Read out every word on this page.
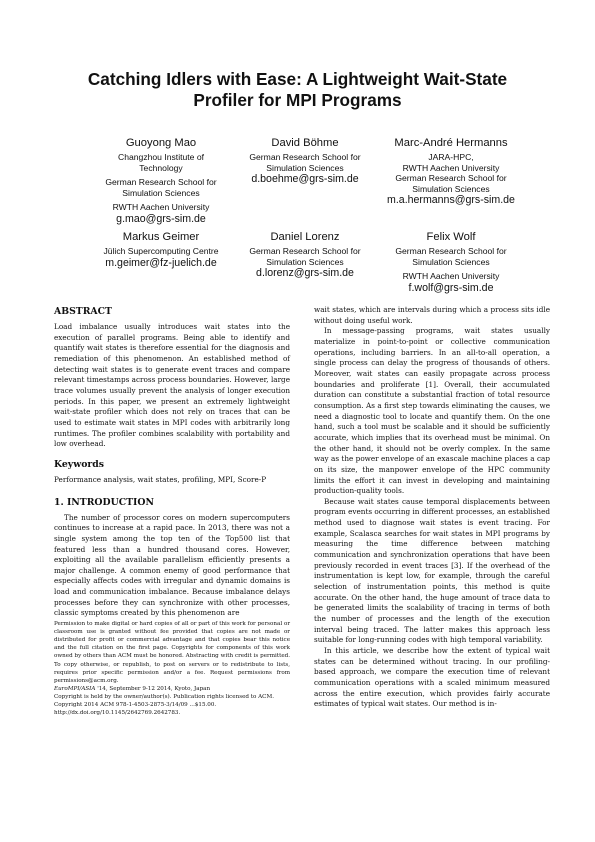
Catching Idlers with Ease: A Lightweight Wait-State
Profiler for MPI Programs
Guoyong Mao
Changzhou Institute of
Technology
German Research School for
Simulation Sciences
RWTH Aachen University
g.mao@grs-sim.de
David Böhme
German Research School for
Simulation Sciences
d.boehme@grs-sim.de
Marc-André Hermanns
JARA-HPC,
RWTH Aachen University
German Research School for
Simulation Sciences
m.a.hermanns@grs-sim.de
Markus Geimer
Jülich Supercomputing Centre
m.geimer@fz-juelich.de
Daniel Lorenz
German Research School for
Simulation Sciences
d.lorenz@grs-sim.de
Felix Wolf
German Research School for
Simulation Sciences
RWTH Aachen University
f.wolf@grs-sim.de
ABSTRACT

Load imbalance usually introduces wait states into the execution of parallel programs. Being able to identify and quantify wait states is therefore essential for the diagnosis and remediation of this phenomenon. An established method of detecting wait states is to generate event traces and compare relevant timestamps across process boundaries. However, large trace volumes usually prevent the analysis of longer execution periods. In this paper, we present an extremely lightweight wait-state profiler which does not rely on traces that can be used to estimate wait states in MPI codes with arbitrarily long runtimes. The profiler combines scalability with portability and low overhead.

Keywords

Performance analysis, wait states, profiling, MPI, Score-P

1. INTRODUCTION

The number of processor cores on modern supercomputers continues to increase at a rapid pace. In 2013, there was not a single system among the top ten of the Top500 list that featured less than a hundred thousand cores. However, exploiting all the available parallelism efficiently presents a major challenge. A common enemy of good performance that especially affects codes with irregular and dynamic domains is load and communication imbalance. Because imbalance delays processes before they can synchronize with other processes, classic symptoms created by this phenomenon are

Permission to make digital or hard copies of all or part of this work for personal or classroom use is granted without fee provided that copies are not made or distributed for profit or commercial advantage and that copies bear this notice and the full citation on the first page. Copyrights for components of this work owned by others than ACM must be honored. Abstracting with credit is permitted. To copy otherwise, or republish, to post on servers or to redistribute to lists, requires prior specific permission and/or a fee. Request permissions from permissions@acm.org.

EuroMPI/ASIA '14, September 9-12 2014, Kyoto, Japan

Copyright is held by the owner/author(s). Publication rights licensed to ACM.

Copyright 2014 ACM 978-1-4503-2875-3/14/09 ...$15.00.

http://dx.doi.org/10.1145/2642769.2642783.

wait states, which are intervals during which a process sits idle without doing useful work.

In message-passing programs, wait states usually materialize in point-to-point or collective communication operations, including barriers. In an all-to-all operation, a single process can delay the progress of thousands of others. Moreover, wait states can easily propagate across process boundaries and proliferate [1]. Overall, their accumulated duration can constitute a substantial fraction of total resource consumption. As a first step towards eliminating the causes, we need a diagnostic tool to locate and quantify them. On the one hand, such a tool must be scalable and it should be sufficiently accurate, which implies that its overhead must be minimal. On the other hand, it should not be overly complex. In the same way as the power envelope of an exascale machine places a cap on its size, the manpower envelope of the HPC community limits the effort it can invest in developing and maintaining production-quality tools.

Because wait states cause temporal displacements between program events occurring in different processes, an established method used to diagnose wait states is event tracing. For example, Scalasca searches for wait states in MPI programs by measuring the time difference between matching communication and synchronization operations that have been previously recorded in event traces [3]. If the overhead of the instrumentation is kept low, for example, through the careful selection of instrumentation points, this method is quite accurate. On the other hand, the huge amount of trace data to be generated limits the scalability of tracing in terms of both the number of processes and the length of the execution interval being traced. The latter makes this approach less suitable for long-running codes with high temporal variability.

In this article, we describe how the extent of typical wait states can be determined without tracing. In our profiling-based approach, we compare the execution time of relevant communication operations with a scaled minimum measured across the entire execution, which provides fairly accurate estimates of typical wait states. Our method is in-
